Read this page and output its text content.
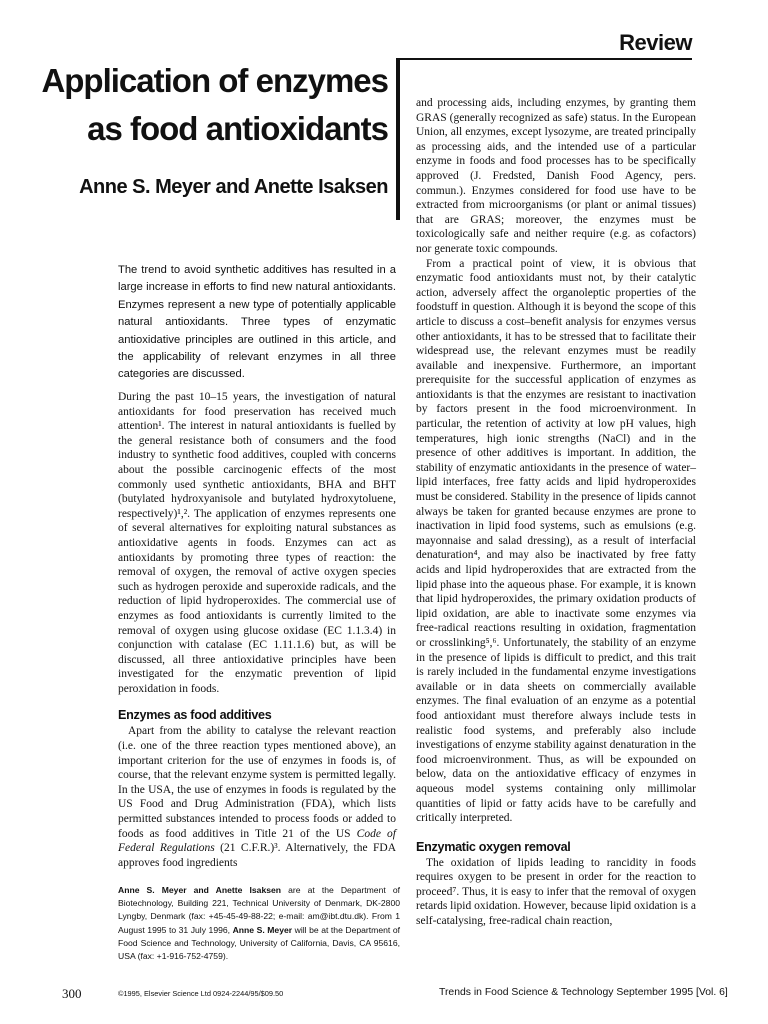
Review
Application of enzymes
as food antioxidants
Anne S. Meyer and Anette Isaksen

The trend to avoid synthetic additives has resulted in a large increase in efforts to find new natural antioxidants. Enzymes represent a new type of potentially applicable natural antioxidants. Three types of enzymatic antioxidative principles are outlined in this article, and the applicability of relevant enzymes in all three categories are discussed.

During the past 10–15 years, the investigation of natural antioxidants for food preservation has received much attention¹. The interest in natural antioxidants is fuelled by the general resistance both of consumers and the food industry to synthetic food additives, coupled with concerns about the possible carcinogenic effects of the most commonly used synthetic antioxidants, BHA and BHT (butylated hydroxyanisole and butylated hydroxytoluene, respectively)¹,². The application of enzymes represents one of several alternatives for exploiting natural substances as antioxidative agents in foods. Enzymes can act as antioxidants by promoting three types of reaction: the removal of oxygen, the removal of active oxygen species such as hydrogen peroxide and superoxide radicals, and the reduction of lipid hydroperoxides. The commercial use of enzymes as food antioxidants is currently limited to the removal of oxygen using glucose oxidase (EC 1.1.3.4) in conjunction with catalase (EC 1.11.1.6) but, as will be discussed, all three antioxidative principles have been investigated for the enzymatic prevention of lipid peroxidation in foods.

Enzymes as food additives

Apart from the ability to catalyse the relevant reaction (i.e. one of the three reaction types mentioned above), an important criterion for the use of enzymes in foods is, of course, that the relevant enzyme system is permitted legally. In the USA, the use of enzymes in foods is regulated by the US Food and Drug Administration (FDA), which lists permitted substances intended to process foods or added to foods as food additives in Title 21 of the US Code of Federal Regulations (21 C.F.R.)³. Alternatively, the FDA approves food ingredients

and processing aids, including enzymes, by granting them GRAS (generally recognized as safe) status. In the European Union, all enzymes, except lysozyme, are treated principally as processing aids, and the intended use of a particular enzyme in foods and food processes has to be specifically approved (J. Fredsted, Danish Food Agency, pers. commun.). Enzymes considered for food use have to be extracted from microorganisms (or plant or animal tissues) that are GRAS; moreover, the enzymes must be toxicologically safe and neither require (e.g. as cofactors) nor generate toxic compounds.

From a practical point of view, it is obvious that enzymatic food antioxidants must not, by their catalytic action, adversely affect the organoleptic properties of the foodstuff in question. Although it is beyond the scope of this article to discuss a cost–benefit analysis for enzymes versus other antioxidants, it has to be stressed that to facilitate their widespread use, the relevant enzymes must be readily available and inexpensive. Furthermore, an important prerequisite for the successful application of enzymes as antioxidants is that the enzymes are resistant to inactivation by factors present in the food microenvironment. In particular, the retention of activity at low pH values, high temperatures, high ionic strengths (NaCl) and in the presence of other additives is important. In addition, the stability of enzymatic antioxidants in the presence of water–lipid interfaces, free fatty acids and lipid hydroperoxides must be considered. Stability in the presence of lipids cannot always be taken for granted because enzymes are prone to inactivation in lipid food systems, such as emulsions (e.g. mayonnaise and salad dressing), as a result of interfacial denaturation⁴, and may also be inactivated by free fatty acids and lipid hydroperoxides that are extracted from the lipid phase into the aqueous phase. For example, it is known that lipid hydroperoxides, the primary oxidation products of lipid oxidation, are able to inactivate some enzymes via free-radical reactions resulting in oxidation, fragmentation or crosslinking⁵,⁶. Unfortunately, the stability of an enzyme in the presence of lipids is difficult to predict, and this trait is rarely included in the fundamental enzyme investigations available or in data sheets on commercially available enzymes. The final evaluation of an enzyme as a potential food antioxidant must therefore always include tests in realistic food systems, and preferably also include investigations of enzyme stability against denaturation in the food microenvironment. Thus, as will be expounded on below, data on the antioxidative efficacy of enzymes in aqueous model systems containing only millimolar quantities of lipid or fatty acids have to be carefully and critically interpreted.

Enzymatic oxygen removal

The oxidation of lipids leading to rancidity in foods requires oxygen to be present in order for the reaction to proceed⁷. Thus, it is easy to infer that the removal of oxygen retards lipid oxidation. However, because lipid oxidation is a self-catalysing, free-radical chain reaction,

Anne S. Meyer and Anette Isaksen are at the Department of Biotechnology, Building 221, Technical University of Denmark, DK-2800 Lyngby, Denmark (fax: +45-45-49-88-22; e-mail: am@ibt.dtu.dk). From 1 August 1995 to 31 July 1996, Anne S. Meyer will be at the Department of Food Science and Technology, University of California, Davis, CA 95616, USA (fax: +1-916-752-4759).

300	©1995, Elsevier Science Ltd 0924-2244/95/$09.50	Trends in Food Science & Technology September 1995 [Vol. 6]
